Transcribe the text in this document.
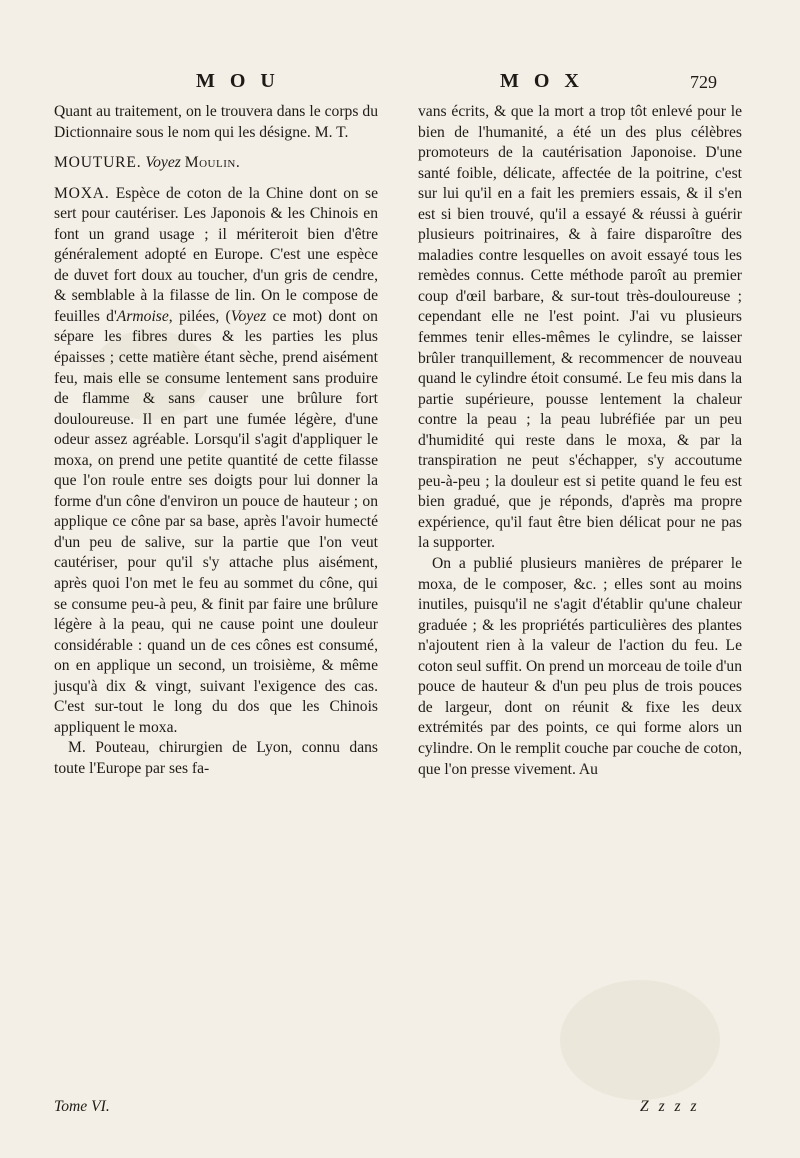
M O U	M O X	729

Quant au traitement, on le trouvera dans le corps du Dictionnaire sous le nom qui les désigne. M. T.

MOUTURE. Voyez Moulin.

MOXA. Espèce de coton de la Chine dont on se sert pour cautériser. Les Japonois & les Chinois en font un grand usage ; il mériteroit bien d'être généralement adopté en Europe. C'est une espèce de duvet fort doux au toucher, d'un gris de cendre, & semblable à la filasse de lin. On le compose de feuilles d'Armoise, pilées, (Voyez ce mot) dont on sépare les fibres dures & les parties les plus épaisses ; cette matière étant sèche, prend aisément feu, mais elle se consume lentement sans produire de flamme & sans causer une brûlure fort douloureuse. Il en part une fumée légère, d'une odeur assez agréable. Lorsqu'il s'agit d'appliquer le moxa, on prend une petite quantité de cette filasse que l'on roule entre ses doigts pour lui donner la forme d'un cône d'environ un pouce de hauteur ; on applique ce cône par sa base, après l'avoir humecté d'un peu de salive, sur la partie que l'on veut cautériser, pour qu'il s'y attache plus aisément, après quoi l'on met le feu au sommet du cône, qui se consume peu-à peu, & finit par faire une brûlure légère à la peau, qui ne cause point une douleur considérable : quand un de ces cônes est consumé, on en applique un second, un troisième, & même jusqu'à dix & vingt, suivant l'exigence des cas. C'est sur-tout le long du dos que les Chinois appliquent le moxa.

M. Pouteau, chirurgien de Lyon, connu dans toute l'Europe par ses fa-

vans écrits, & que la mort a trop tôt enlevé pour le bien de l'humanité, a été un des plus célèbres promoteurs de la cautérisation Japonoise. D'une santé foible, délicate, affectée de la poitrine, c'est sur lui qu'il en a fait les premiers essais, & il s'en est si bien trouvé, qu'il a essayé & réussi à guérir plusieurs poitrinaires, & à faire disparoître des maladies contre lesquelles on avoit essayé tous les remèdes connus. Cette méthode paroît au premier coup d'œil barbare, & sur-tout très-douloureuse ; cependant elle ne l'est point. J'ai vu plusieurs femmes tenir elles-mêmes le cylindre, se laisser brûler tranquillement, & recommencer de nouveau quand le cylindre étoit consumé. Le feu mis dans la partie supérieure, pousse lentement la chaleur contre la peau ; la peau lubréfiée par un peu d'humidité qui reste dans le moxa, & par la transpiration ne peut s'échapper, s'y accoutume peu-à-peu ; la douleur est si petite quand le feu est bien gradué, que je réponds, d'après ma propre expérience, qu'il faut être bien délicat pour ne pas la supporter.

On a publié plusieurs manières de préparer le moxa, de le composer, &c. ; elles sont au moins inutiles, puisqu'il ne s'agit d'établir qu'une chaleur graduée ; & les propriétés particulières des plantes n'ajoutent rien à la valeur de l'action du feu. Le coton seul suffit. On prend un morceau de toile d'un pouce de hauteur & d'un peu plus de trois pouces de largeur, dont on réunit & fixe les deux extrémités par des points, ce qui forme alors un cylindre. On le remplit couche par couche de coton, que l'on presse vivement. Au

Tome VI.	Z z z z
